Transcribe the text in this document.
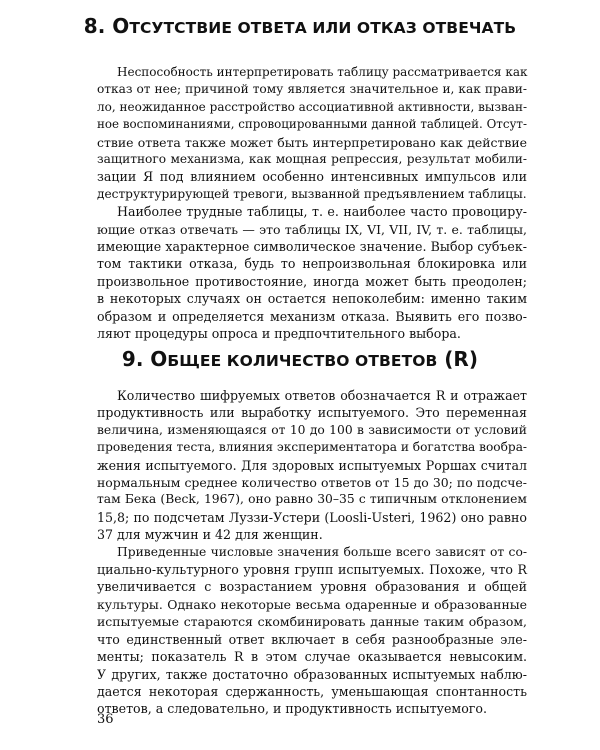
8. ОТСУТСТВИЕ ОТВЕТА ИЛИ ОТКАЗ ОТВЕЧАТЬ

Неспособность интерпретировать таблицу рассматривается как
отказ от нее; причиной тому является значительное и, как прави-
ло, неожиданное расстройство ассоциативной активности, вызван-
ное воспоминаниями, спровоцированными данной таблицей. Отсут-
ствие ответа также может быть интерпретировано как действие
защитного механизма, как мощная репрессия, результат мобили-
зации Я под влиянием особенно интенсивных импульсов или
деструктурирующей тревоги, вызванной предъявлением таблицы.

Наиболее трудные таблицы, т. е. наиболее часто провоциру-
ющие отказ отвечать — это таблицы IX, VI, VII, IV, т. е. таблицы,
имеющие характерное символическое значение. Выбор субъек-
том тактики отказа, будь то непроизвольная блокировка или
произвольное противостояние, иногда может быть преодолен;
в некоторых случаях он остается непоколебим: именно таким
образом и определяется механизм отказа. Выявить его позво-
ляют процедуры опроса и предпочтительного выбора.

9. ОБЩЕЕ КОЛИЧЕСТВО ОТВЕТОВ (R)

Количество шифруемых ответов обозначается R и отражает
продуктивность или выработку испытуемого. Это переменная
величина, изменяющаяся от 10 до 100 в зависимости от условий
проведения теста, влияния экспериментатора и богатства вообра-
жения испытуемого. Для здоровых испытуемых Роршах считал
нормальным среднее количество ответов от 15 до 30; по подсче-
там Бека (Beck, 1967), оно равно 30–35 с типичным отклонением
15,8; по подсчетам Луззи-Устери (Loosli-Usteri, 1962) оно равно
37 для мужчин и 42 для женщин.

Приведенные числовые значения больше всего зависят от со-
циально-культурного уровня групп испытуемых. Похоже, что R
увеличивается с возрастанием уровня образования и общей
культуры. Однако некоторые весьма одаренные и образованные
испытуемые стараются скомбинировать данные таким образом,
что единственный ответ включает в себя разнообразные эле-
менты; показатель R в этом случае оказывается невысоким.
У других, также достаточно образованных испытуемых наблю-
дается некоторая сдержанность, уменьшающая спонтанность
ответов, а следовательно, и продуктивность испытуемого.

36
